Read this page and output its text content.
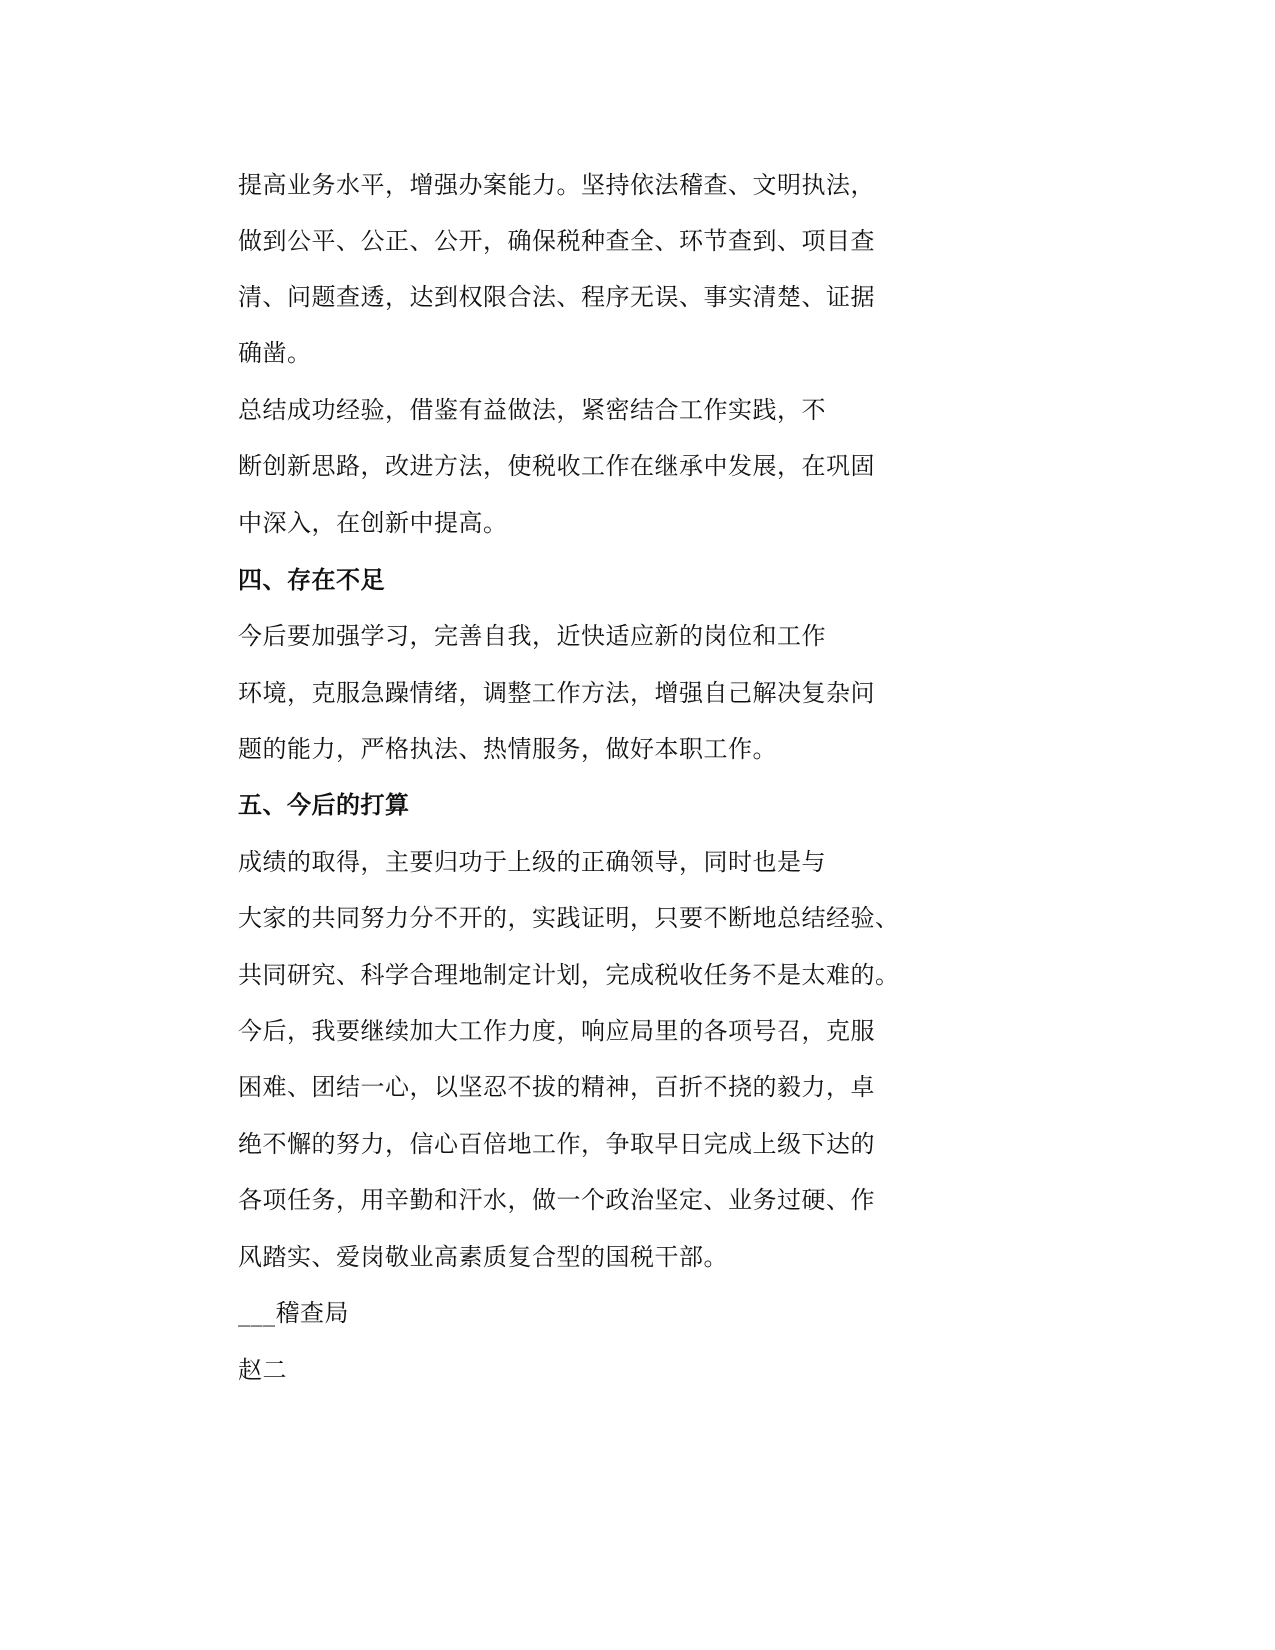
提高业务水平，增强办案能力。坚持依法稽查、文明执法，
做到公平、公正、公开，确保税种查全、环节查到、项目查
清、问题查透，达到权限合法、程序无误、事实清楚、证据
确凿。
总结成功经验，借鉴有益做法，紧密结合工作实践，不
断创新思路，改进方法，使税收工作在继承中发展，在巩固
中深入，在创新中提高。
四、存在不足
今后要加强学习，完善自我，近快适应新的岗位和工作
环境，克服急躁情绪，调整工作方法，增强自己解决复杂问
题的能力，严格执法、热情服务，做好本职工作。
五、今后的打算
成绩的取得，主要归功于上级的正确领导，同时也是与
大家的共同努力分不开的，实践证明，只要不断地总结经验、
共同研究、科学合理地制定计划，完成税收任务不是太难的。
今后，我要继续加大工作力度，响应局里的各项号召，克服
困难、团结一心，以坚忍不拔的精神，百折不挠的毅力，卓
绝不懈的努力，信心百倍地工作，争取早日完成上级下达的
各项任务，用辛勤和汗水，做一个政治坚定、业务过硬、作
风踏实、爱岗敬业高素质复合型的国税干部。
___稽查局
赵二
